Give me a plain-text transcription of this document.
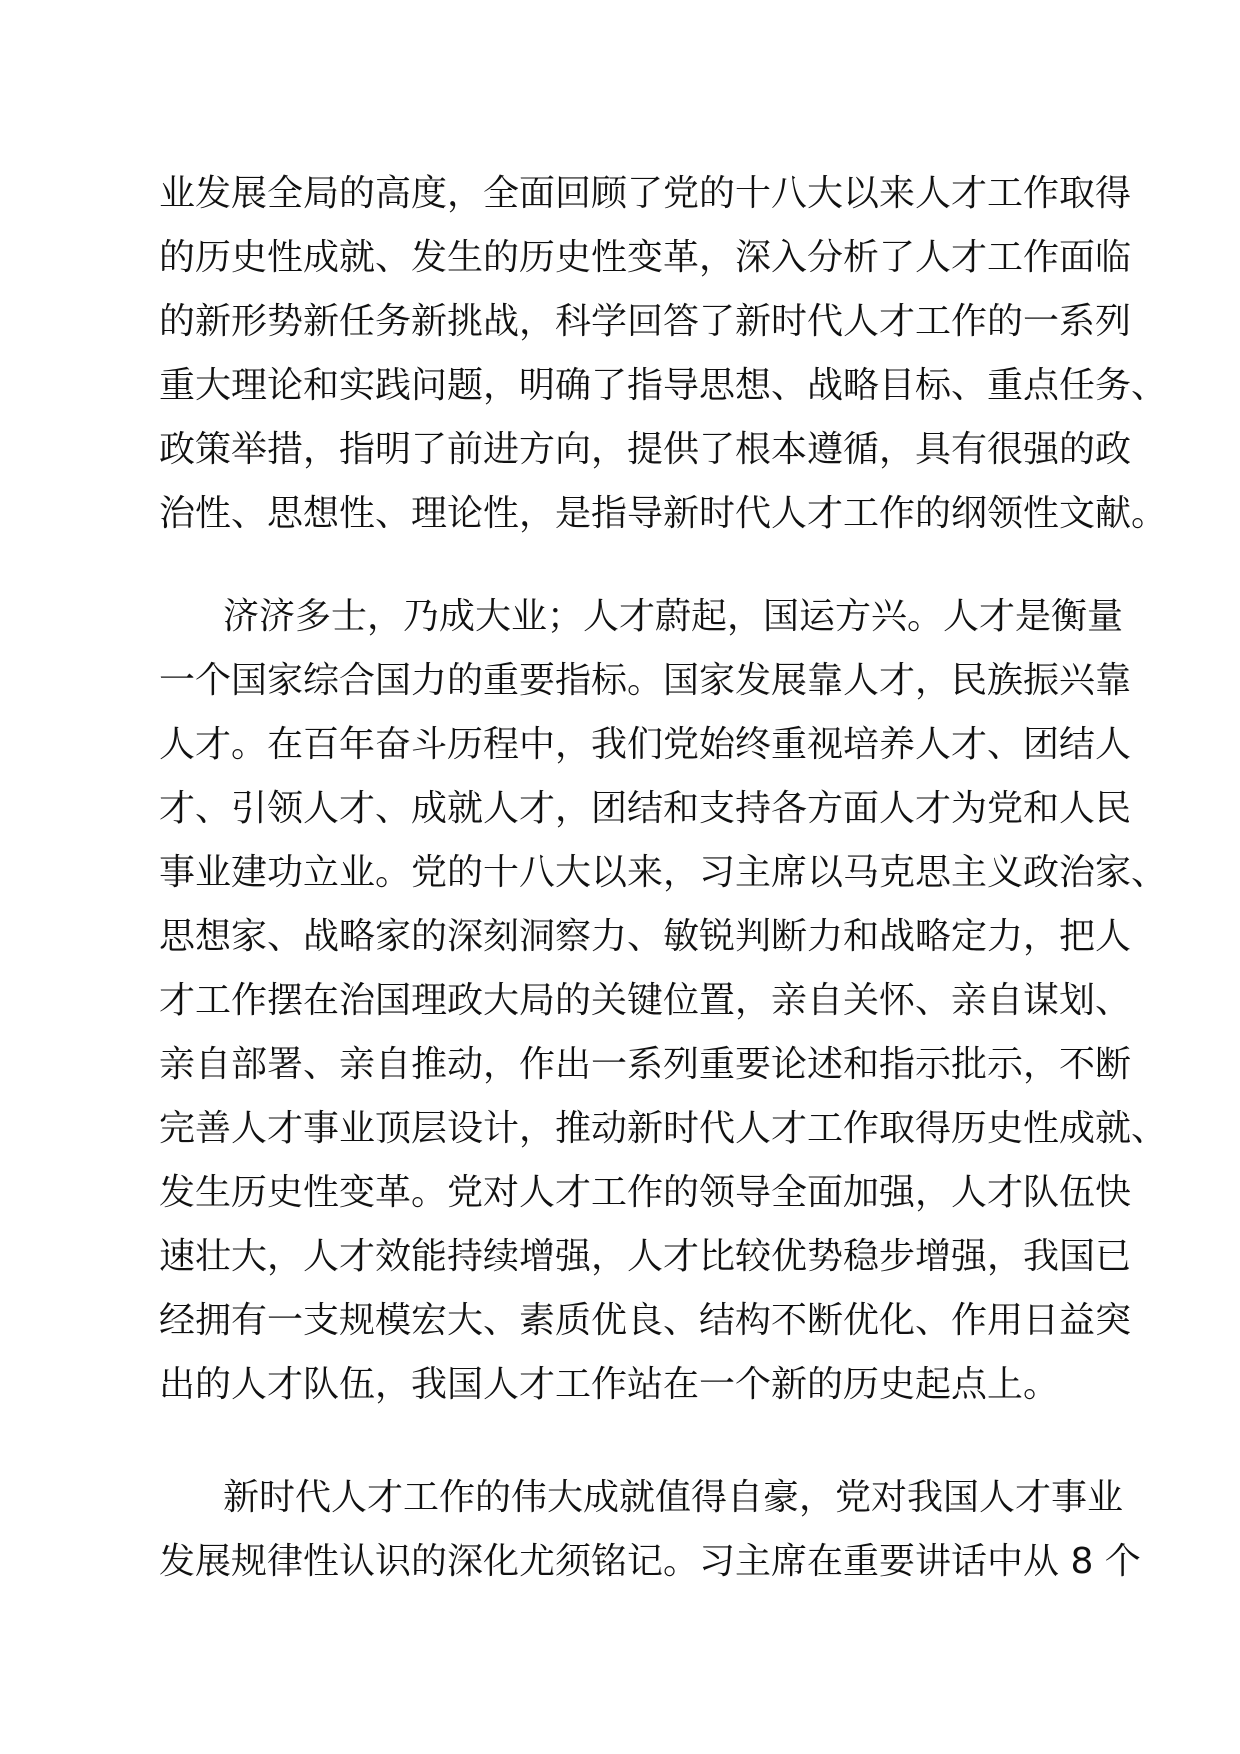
业发展全局的高度，全面回顾了党的十八大以来人才工作取得
的历史性成就、发生的历史性变革，深入分析了人才工作面临
的新形势新任务新挑战，科学回答了新时代人才工作的一系列
重大理论和实践问题，明确了指导思想、战略目标、重点任务、
政策举措，指明了前进方向，提供了根本遵循，具有很强的政
治性、思想性、理论性，是指导新时代人才工作的纲领性文献。
济济多士，乃成大业；人才蔚起，国运方兴。人才是衡量
一个国家综合国力的重要指标。国家发展靠人才，民族振兴靠
人才。在百年奋斗历程中，我们党始终重视培养人才、团结人
才、引领人才、成就人才，团结和支持各方面人才为党和人民
事业建功立业。党的十八大以来，习主席以马克思主义政治家、
思想家、战略家的深刻洞察力、敏锐判断力和战略定力，把人
才工作摆在治国理政大局的关键位置，亲自关怀、亲自谋划、
亲自部署、亲自推动，作出一系列重要论述和指示批示，不断
完善人才事业顶层设计，推动新时代人才工作取得历史性成就、
发生历史性变革。党对人才工作的领导全面加强，人才队伍快
速壮大，人才效能持续增强，人才比较优势稳步增强，我国已
经拥有一支规模宏大、素质优良、结构不断优化、作用日益突
出的人才队伍，我国人才工作站在一个新的历史起点上。
新时代人才工作的伟大成就值得自豪，党对我国人才事业
发展规律性认识的深化尤须铭记。习主席在重要讲话中从 8 个
